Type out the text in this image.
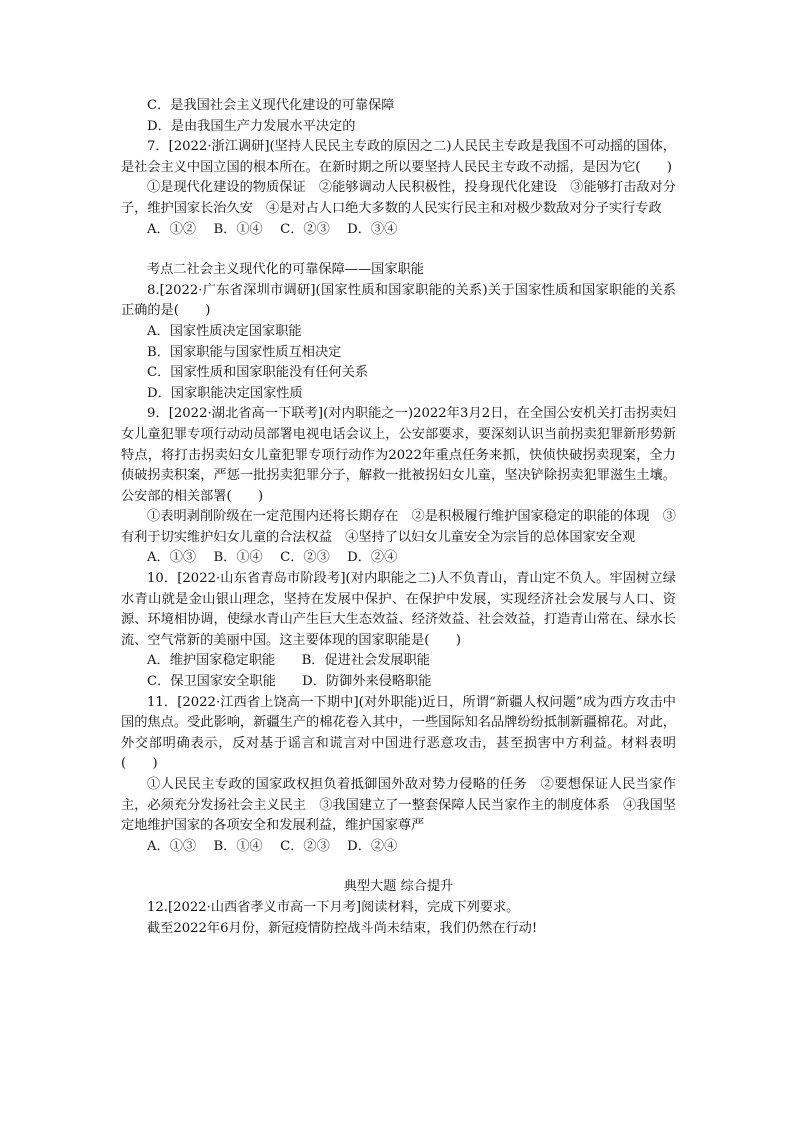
C．是我国社会主义现代化建设的可靠保障

D．是由我国生产力发展水平决定的

7．[2022·浙江调研](坚持人民民主专政的原因之二)人民民主专政是我国不可动摇的国体，是社会主义中国立国的根本所在。在新时期之所以要坚持人民民主专政不动摇，是因为它(　　)

①是现代化建设的物质保证　②能够调动人民积极性，投身现代化建设　③能够打击敌对分子，维护国家长治久安　④是对占人口绝大多数的人民实行民主和对极少数敌对分子实行专政

A．①②　 B．①④　 C．②③　 D．③④

考点二社会主义现代化的可靠保障——国家职能

8.[2022·广东省深圳市调研](国家性质和国家职能的关系)关于国家性质和国家职能的关系正确的是(　　)

A．国家性质决定国家职能

B．国家职能与国家性质互相决定

C．国家性质和国家职能没有任何关系

D．国家职能决定国家性质

9．[2022·湖北省高一下联考](对内职能之一)2022年3月2日，在全国公安机关打击拐卖妇女儿童犯罪专项行动动员部署电视电话会议上，公安部要求，要深刻认识当前拐卖犯罪新形势新特点，将打击拐卖妇女儿童犯罪专项行动作为2022年重点任务来抓，快侦快破拐卖现案，全力侦破拐卖积案，严惩一批拐卖犯罪分子，解救一批被拐妇女儿童，坚决铲除拐卖犯罪滋生土壤。公安部的相关部署(　　)

①表明剥削阶级在一定范围内还将长期存在　②是积极履行维护国家稳定的职能的体现　③有利于切实维护妇女儿童的合法权益　④坚持了以妇女儿童安全为宗旨的总体国家安全观

A．①③　 B．①④　 C．②③　 D．②④

10．[2022·山东省青岛市阶段考](对内职能之二)人不负青山，青山定不负人。牢固树立绿水青山就是金山银山理念，坚持在发展中保护、在保护中发展，实现经济社会发展与人口、资源、环境相协调，使绿水青山产生巨大生态效益、经济效益、社会效益，打造青山常在、绿水长流、空气常新的美丽中国。这主要体现的国家职能是(　　)

A．维护国家稳定职能　　B．促进社会发展职能

C．保卫国家安全职能　　D．防御外来侵略职能

11．[2022·江西省上饶高一下期中](对外职能)近日，所谓“新疆人权问题”成为西方攻击中国的焦点。受此影响，新疆生产的棉花卷入其中，一些国际知名品牌纷纷抵制新疆棉花。对此，外交部明确表示，反对基于谣言和谎言对中国进行恶意攻击，甚至损害中方利益。材料表明(　　)

①人民民主专政的国家政权担负着抵御国外敌对势力侵略的任务　②要想保证人民当家作主，必须充分发扬社会主义民主　③我国建立了一整套保障人民当家作主的制度体系　④我国坚定地维护国家的各项安全和发展利益，维护国家尊严

A．①③　 B．①④　 C．②③　 D．②④

典型大题 综合提升

12.[2022·山西省孝义市高一下月考]阅读材料，完成下列要求。

截至2022年6月份，新冠疫情防控战斗尚未结束，我们仍然在行动!
